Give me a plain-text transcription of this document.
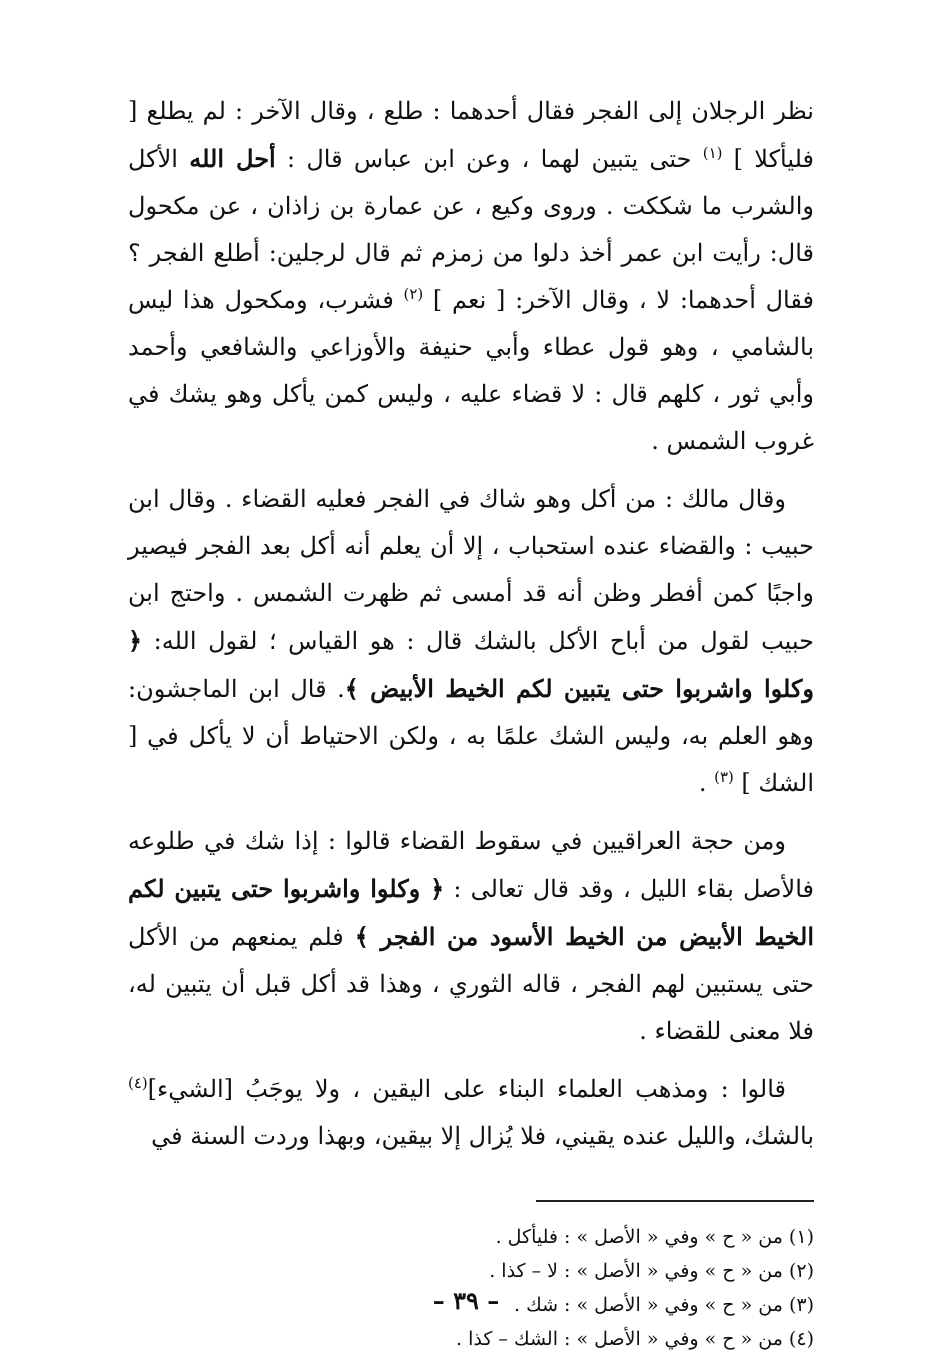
نظر الرجلان إلى الفجر فقال أحدهما : طلع ، وقال الآخر : لم يطلع [ فليأكلا ] $^{(١)}$ حتى يتبين لهما ، وعن ابن عباس قال : أحل الله الأكل والشرب ما شككت . وروى وكيع ، عن عمارة بن زاذان ، عن مكحول قال: رأيت ابن عمر أخذ دلوا من زمزم ثم قال لرجلين: أطلع الفجر ؟ فقال أحدهما: لا ، وقال الآخر: [ نعم ] $^{(٢)}$ فشرب، ومكحول هذا ليس بالشامي ، وهو قول عطاء وأبي حنيفة والأوزاعي والشافعي وأحمد وأبي ثور ، كلهم قال : لا قضاء عليه ، وليس كمن يأكل وهو يشك في غروب الشمس .

وقال مالك : من أكل وهو شاك في الفجر فعليه القضاء . وقال ابن حبيب : والقضاء عنده استحباب ، إلا أن يعلم أنه أكل بعد الفجر فيصير واجبًا كمن أفطر وظن أنه قد أمسى ثم ظهرت الشمس . واحتج ابن حبيب لقول من أباح الأكل بالشك قال : هو القياس ؛ لقول الله: ﴿ وكلوا واشربوا حتى يتبين لكم الخيط الأبيض ﴾. قال ابن الماجشون: وهو العلم به، وليس الشك علمًا به ، ولكن الاحتياط أن لا يأكل في [ الشك ] $^{(٣)}$ .

ومن حجة العراقيين في سقوط القضاء قالوا : إذا شك في طلوعه فالأصل بقاء الليل ، وقد قال تعالى : ﴿ وكلوا واشربوا حتى يتبين لكم الخيط الأبيض من الخيط الأسود من الفجر ﴾ فلم يمنعهم من الأكل حتى يستبين لهم الفجر ، قاله الثوري ، وهذا قد أكل قبل أن يتبين له، فلا معنى للقضاء .

قالوا : ومذهب العلماء البناء على اليقين ، ولا يوجَبُ [الشيء]$^{(٤)}$ بالشك، والليل عنده يقيني، فلا يُزال إلا بيقين، وبهذا وردت السنة في

(١) من « ح » وفي « الأصل » : فليأكل .

(٢) من « ح » وفي « الأصل » : لا – كذا .

(٣) من « ح » وفي « الأصل » : شك .

(٤) من « ح » وفي « الأصل » : الشك – كذا .

– ٣٩ –
